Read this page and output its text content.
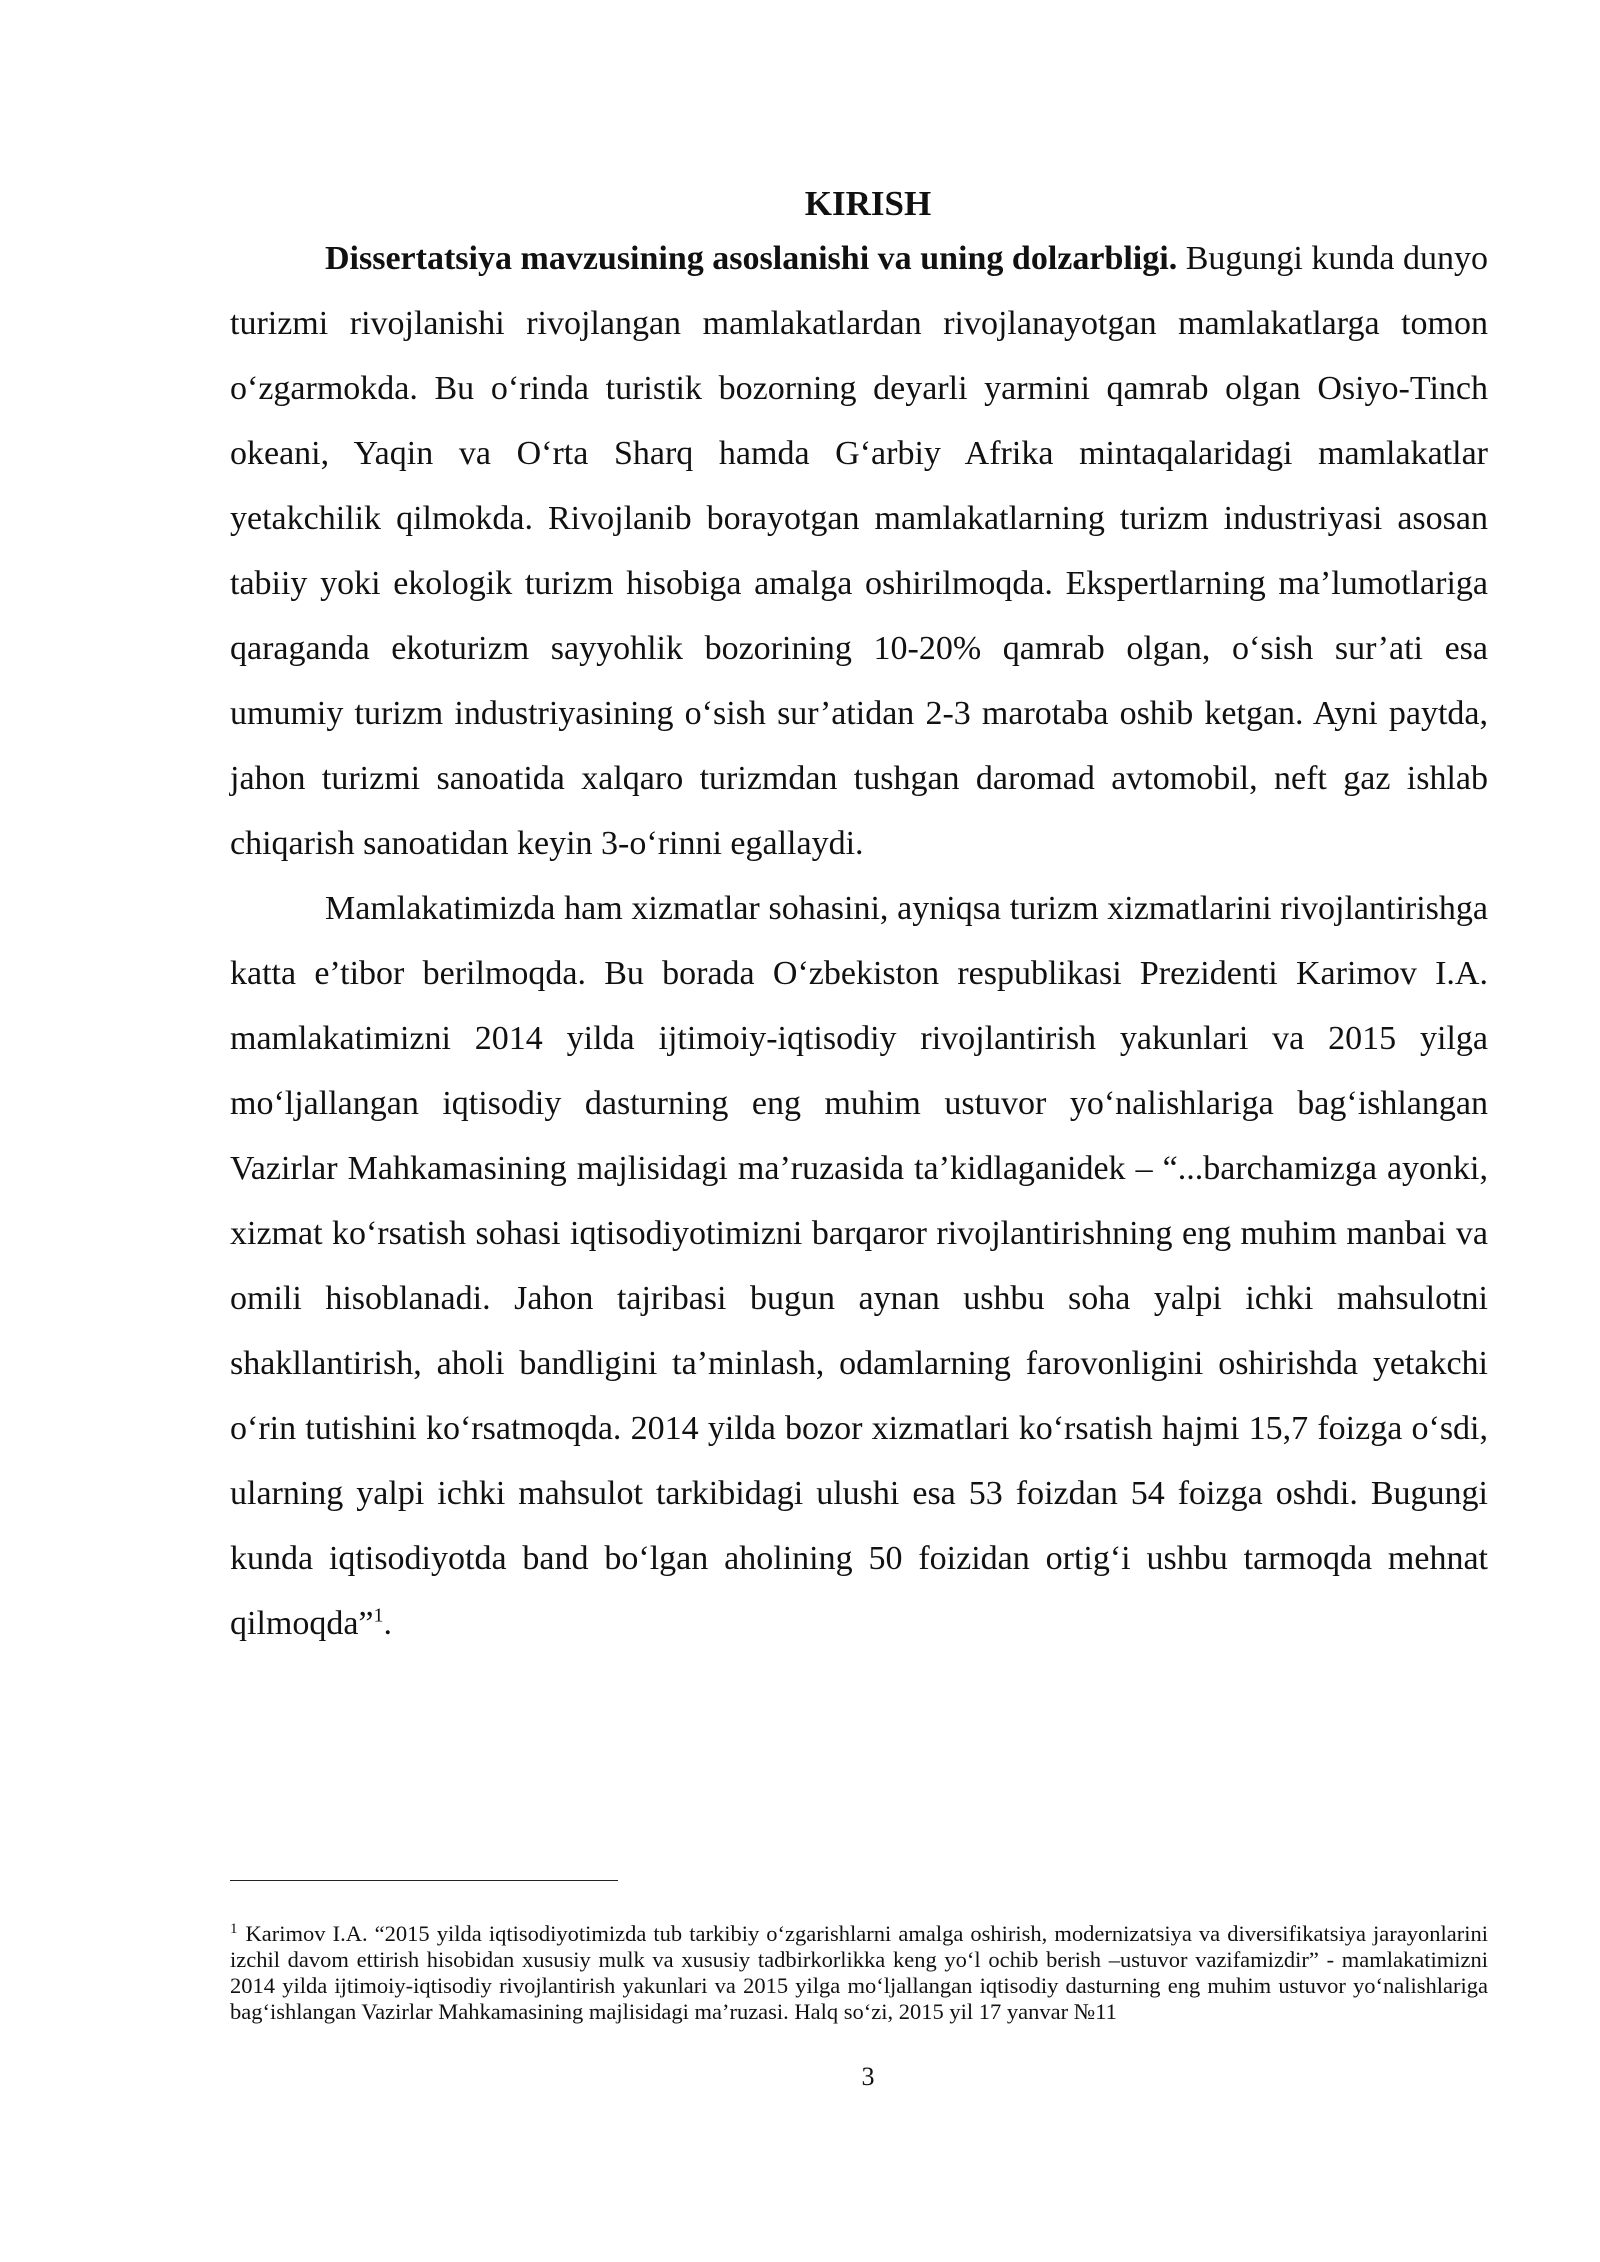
KIRISH

Dissertatsiya mavzusining asoslanishi va uning dolzarbligi. Bugungi kunda dunyo turizmi rivojlanishi rivojlangan mamlakatlardan rivojlanayotgan mamlakatlarga tomon o‘zgarmokda. Bu o‘rinda turistik bozorning deyarli yarmini qamrab olgan Osiyo-Tinch okeani, Yaqin va O‘rta Sharq hamda G‘arbiy Afrika mintaqalaridagi mamlakatlar yetakchilik qilmokda. Rivojlanib borayotgan mamlakatlarning turizm industriyasi asosan tabiiy yoki ekologik turizm hisobiga amalga oshirilmoqda. Ekspertlarning ma’lumotlariga qaraganda ekoturizm sayyohlik bozorining 10-20% qamrab olgan, o‘sish sur’ati esa umumiy turizm industriyasining o‘sish sur’atidan 2-3 marotaba oshib ketgan. Ayni paytda, jahon turizmi sanoatida xalqaro turizmdan tushgan daromad avtomobil, neft gaz ishlab chiqarish sanoatidan keyin 3-o‘rinni egallaydi.

Mamlakatimizda ham xizmatlar sohasini, ayniqsa turizm xizmatlarini rivojlantirishga katta e’tibor berilmoqda. Bu borada O‘zbekiston respublikasi Prezidenti Karimov I.A. mamlakatimizni 2014 yilda ijtimoiy-iqtisodiy rivojlantirish yakunlari va 2015 yilga mo‘ljallangan iqtisodiy dasturning eng muhim ustuvor yo‘nalishlariga bag‘ishlangan Vazirlar Mahkamasining majlisidagi ma’ruzasida ta’kidlaganidek – “...barchamizga ayonki, xizmat ko‘rsatish sohasi iqtisodiyotimizni barqaror rivojlantirishning eng muhim manbai va omili hisoblanadi. Jahon tajribasi bugun aynan ushbu soha yalpi ichki mahsulotni shakllantirish, aholi bandligini ta’minlash, odamlarning farovonligini oshirishda yetakchi o‘rin tutishini ko‘rsatmoqda. 2014 yilda bozor xizmatlari ko‘rsatish hajmi 15,7 foizga o‘sdi, ularning yalpi ichki mahsulot tarkibidagi ulushi esa 53 foizdan 54 foizga oshdi. Bugungi kunda iqtisodiyotda band bo‘lgan aholining 50 foizidan ortig‘i ushbu tarmoqda mehnat qilmoqda”$^1$.

$^1$ Karimov I.A. “2015 yilda iqtisodiyotimizda tub tarkibiy o‘zgarishlarni amalga oshirish, modernizatsiya va diversifikatsiya jarayonlarini izchil davom ettirish hisobidan xususiy mulk va xususiy tadbirkorlikka keng yo‘l ochib berish –ustuvor vazifamizdir” - mamlakatimizni 2014 yilda ijtimoiy-iqtisodiy rivojlantirish yakunlari va 2015 yilga mo‘ljallangan iqtisodiy dasturning eng muhim ustuvor yo‘nalishlariga bag‘ishlangan Vazirlar Mahkamasining majlisidagi ma’ruzasi. Halq so‘zi, 2015 yil 17 yanvar №11
3
